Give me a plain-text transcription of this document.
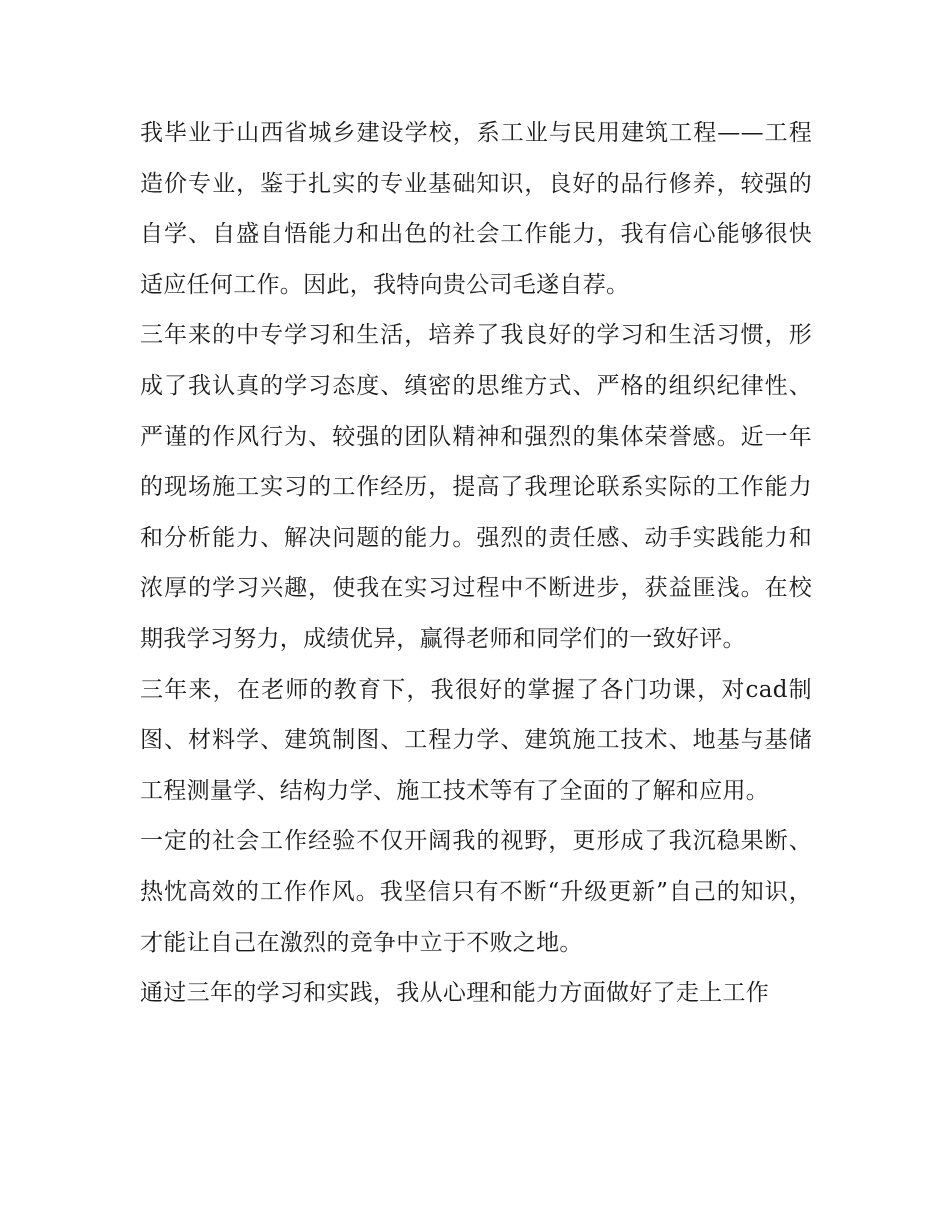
我毕业于山西省城乡建设学校，系工业与民用建筑工程——工程造价专业，鉴于扎实的专业基础知识，良好的品行修养，较强的自学、自盛自悟能力和出色的社会工作能力，我有信心能够很快适应任何工作。因此，我特向贵公司毛遂自荐。

三年来的中专学习和生活，培养了我良好的学习和生活习惯，形成了我认真的学习态度、缜密的思维方式、严格的组织纪律性、严谨的作风行为、较强的团队精神和强烈的集体荣誉感。近一年的现场施工实习的工作经历，提高了我理论联系实际的工作能力和分析能力、解决问题的能力。强烈的责任感、动手实践能力和浓厚的学习兴趣，使我在实习过程中不断进步，获益匪浅。在校期我学习努力，成绩优异，赢得老师和同学们的一致好评。

三年来，在老师的教育下，我很好的掌握了各门功课，对cad制图、材料学、建筑制图、工程力学、建筑施工技术、地基与基储工程测量学、结构力学、施工技术等有了全面的了解和应用。

一定的社会工作经验不仅开阔我的视野，更形成了我沉稳果断、热忱高效的工作作风。我坚信只有不断“升级更新”自己的知识，才能让自己在激烈的竞争中立于不败之地。

通过三年的学习和实践，我从心理和能力方面做好了走上工作
